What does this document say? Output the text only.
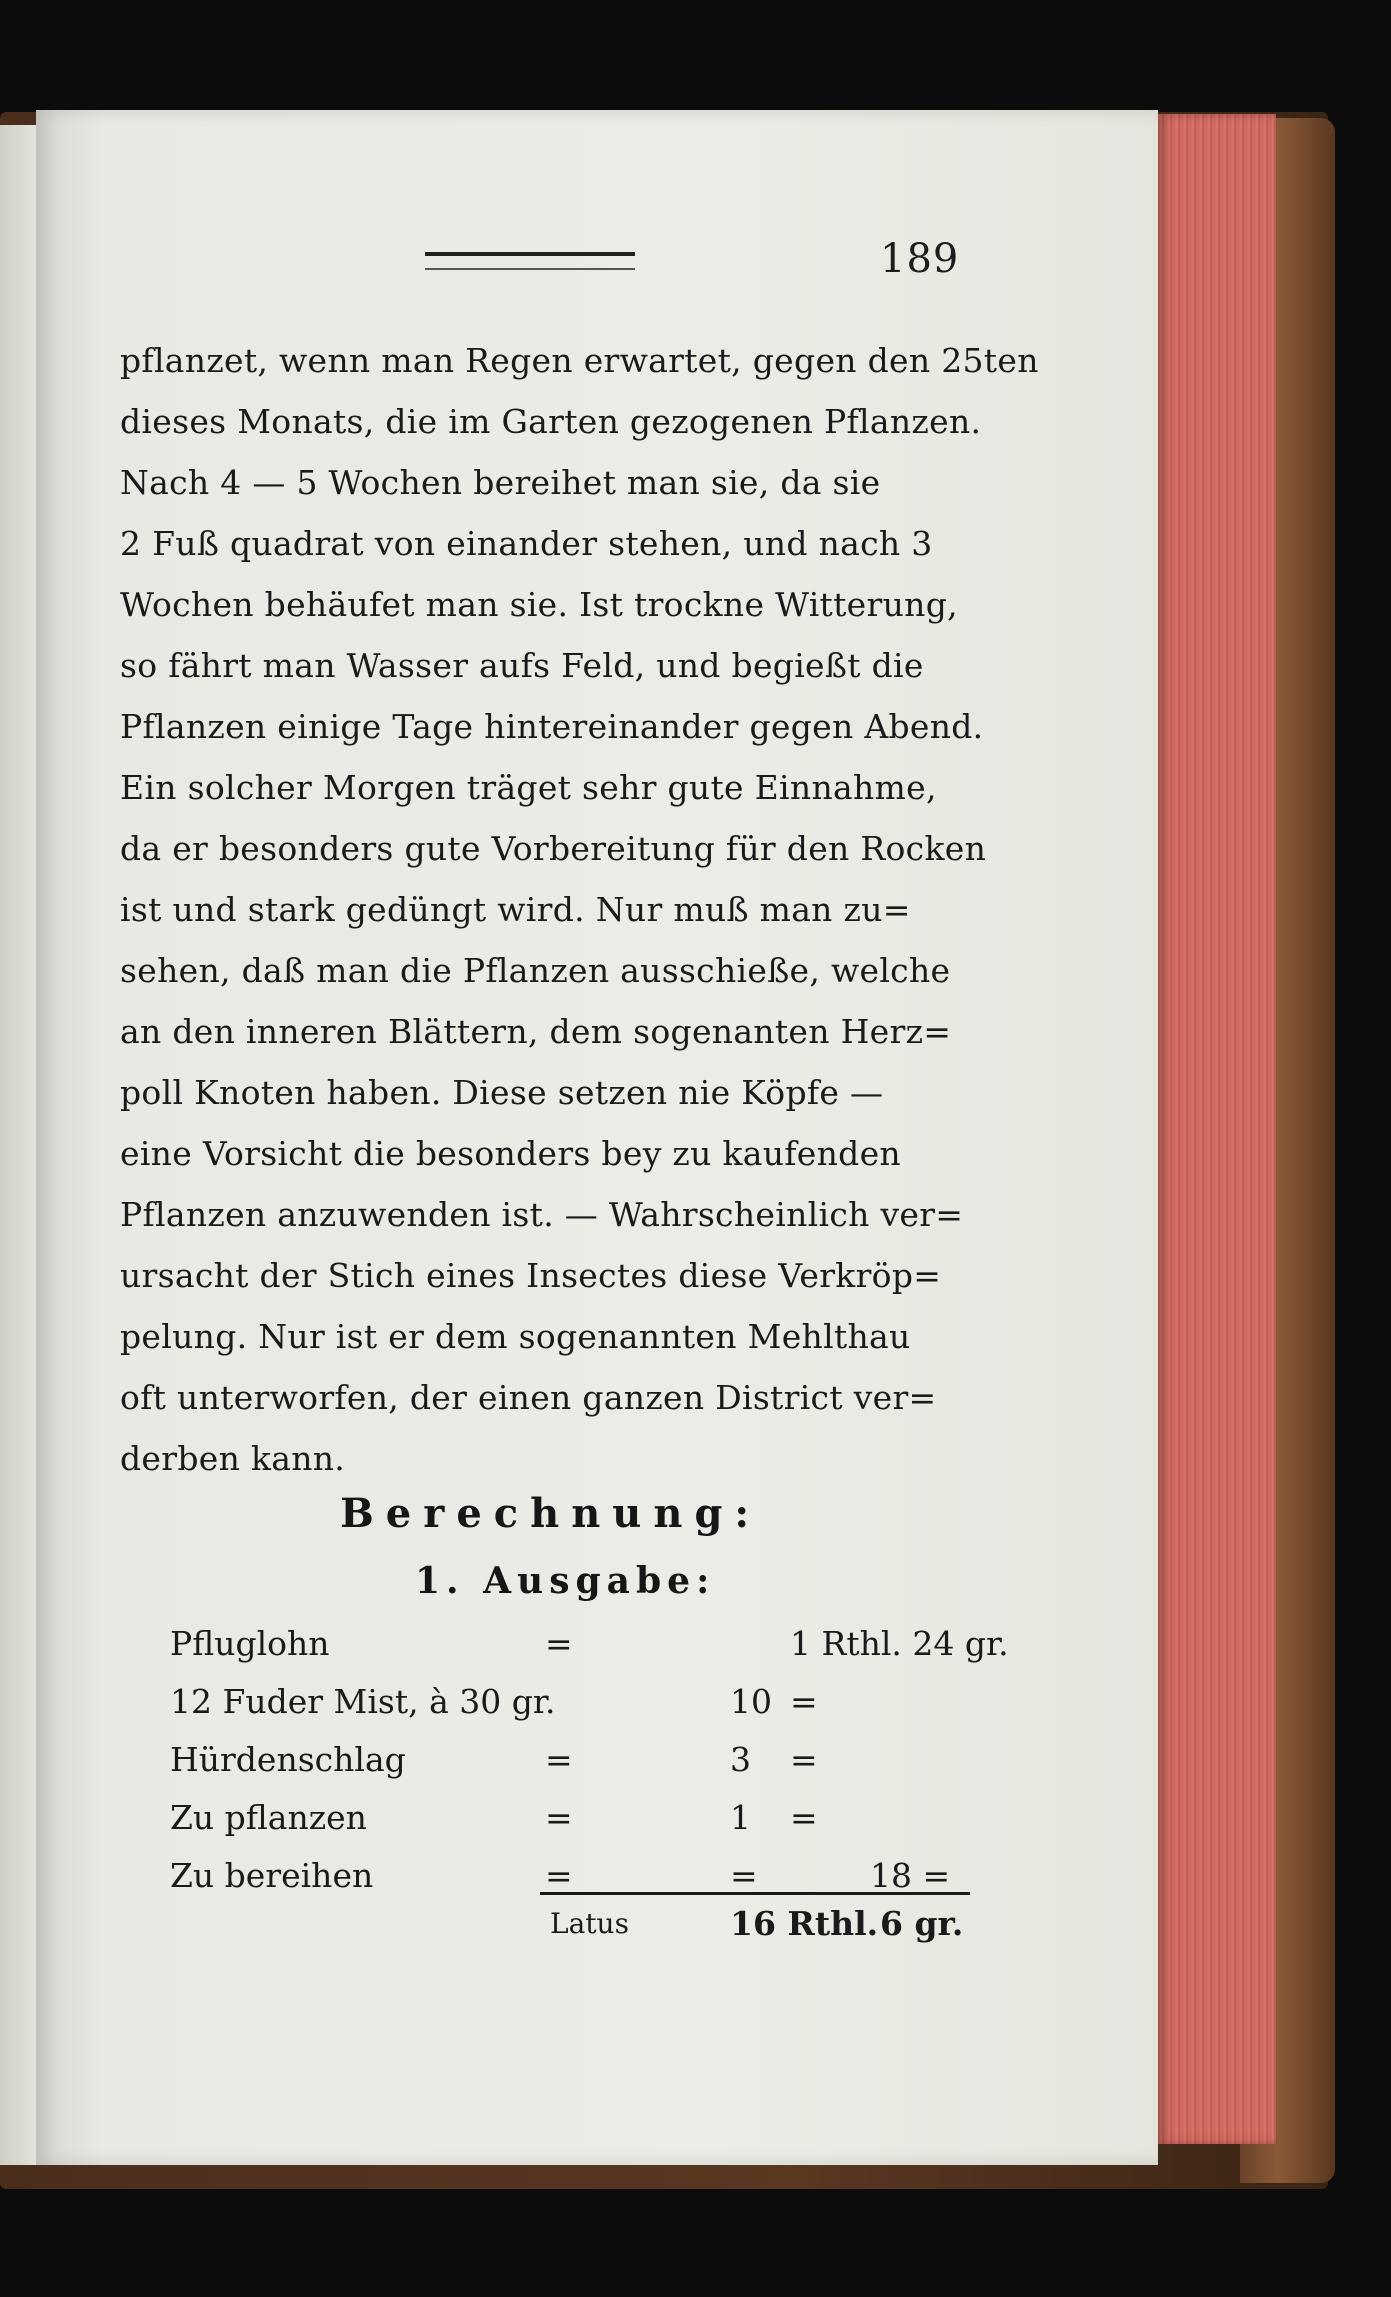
189
pflanzet, wenn man Regen erwartet, gegen den 25ten
dieses Monats, die im Garten gezogenen Pflanzen.
Nach 4 — 5 Wochen bereihet man sie, da sie
2 Fuß quadrat von einander stehen, und nach 3
Wochen behäufet man sie. Ist trockne Witterung,
so fährt man Wasser aufs Feld, und begießt die
Pflanzen einige Tage hintereinander gegen Abend.
Ein solcher Morgen träget sehr gute Einnahme,
da er besonders gute Vorbereitung für den Rocken
ist und stark gedüngt wird. Nur muß man zu=
sehen, daß man die Pflanzen ausschieße, welche
an den inneren Blättern, dem sogenanten Herz=
poll Knoten haben. Diese setzen nie Köpfe —
eine Vorsicht die besonders bey zu kaufenden
Pflanzen anzuwenden ist. — Wahrscheinlich ver=
ursacht der Stich eines Insectes diese Verkröp=
pelung. Nur ist er dem sogenannten Mehlthau
oft unterworfen, der einen ganzen District ver=
derben kann.
Berechnung:
1. Ausgabe:
Pfluglohn	=	1 Rthl. 24 gr.
12 Fuder Mist, à 30 gr.	10 =
Hürdenschlag	=	3 =
Zu pflanzen	=	1 =
Zu bereihen	=	=	18 =
Latus	16 Rthl. 6 gr.
